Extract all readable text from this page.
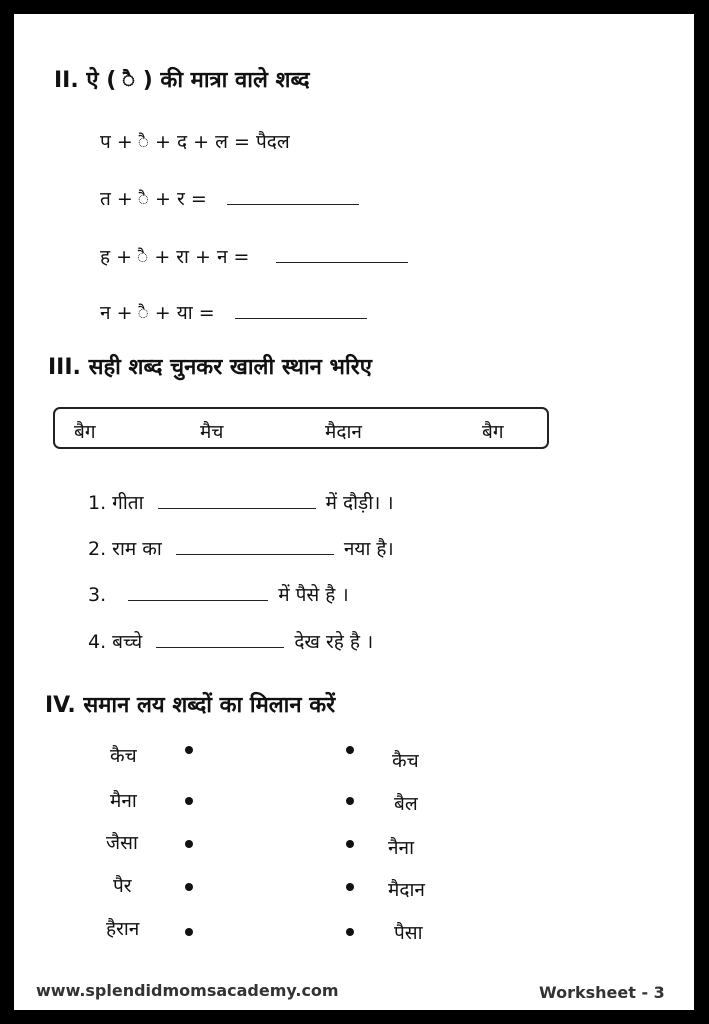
II. ऐ ( ै ) की मात्रा वाले शब्द
प + ै + द + ल = पैदल
त + ै + र =
ह + ै + रा + न =
न + ै + या =
III. सही शब्द चुनकर खाली स्थान भरिए
बैग	मैच	मैदान	बैग
1. गीता	में दौड़ी। ।
2. राम का	नया है।
3.	में पैसे है ।
4. बच्चे	देख रहे है ।
IV. समान लय शब्दों का मिलान करें
कैच
मैना
जैसा
पैर
हैरान
कैच
बैल
नैना
मैदान
पैसा
www.splendidmomsacademy.com	Worksheet - 3
